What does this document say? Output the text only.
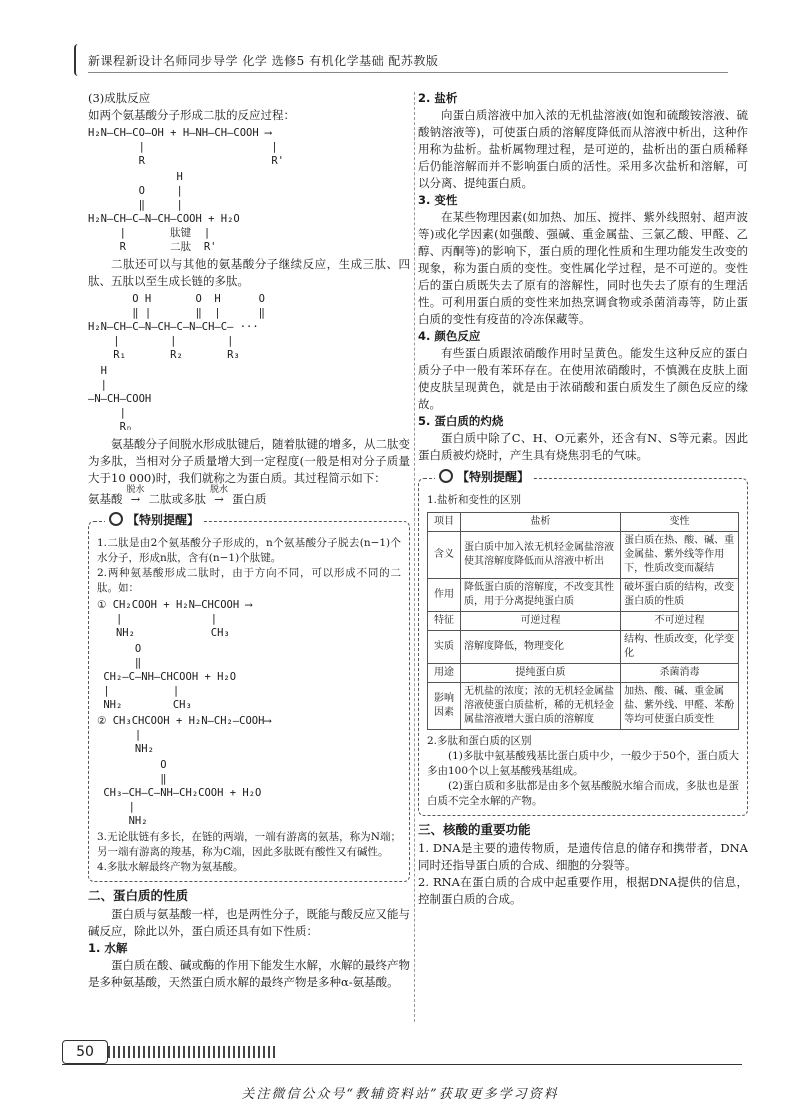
新课程新设计名师同步导学 化学 选修5 有机化学基础 配苏教版

(3)成肽反应

如两个氨基酸分子形成二肽的反应过程：

H₂N—CH—CO—OH + H—NH—CH—COOH ⟶
|                    |
R                    R'
H
O     |
‖     |
H₂N—CH—C—N—CH—COOH + H₂O
|       肽键  |
R       二肽  R'

二肽还可以与其他的氨基酸分子继续反应，生成三肽、四肽、五肽以至生成长链的多肽。

O H       O  H      O
‖ |       ‖  |      ‖
H₂N—CH—C—N—CH—C—N—CH—C— ···
|        |        |
R₁       R₂       R₃
H
|
—N—CH—COOH
|
Rₙ

氨基酸分子间脱水形成肽键后，随着肽键的增多，从二肽变为多肽，当相对分子质量增大到一定程度(一般是相对分子质量大于10 000)时，我们就称之为蛋白质。其过程简示如下：

氨基酸
脱水
→ 二肽或多肽
脱水
→ 蛋白质
【特别提醒】

1.二肽是由2个氨基酸分子形成的，n个氨基酸分子脱去(n−1)个水分子，形成n肽，含有(n−1)个肽键。

2.两种氨基酸形成二肽时，由于方向不同，可以形成不同的二肽。如：

① CH₂COOH + H₂N—CHCOOH ⟶
|              |
NH₂            CH₃
O
‖
CH₂—C—NH—CHCOOH + H₂O
|          |
NH₂        CH₃
② CH₃CHCOOH + H₂N—CH₂—COOH⟶
|
NH₂
O
‖
CH₃—CH—C—NH—CH₂COOH + H₂O
|
NH₂

3.无论肽链有多长，在链的两端，一端有游离的氨基，称为N端；另一端有游离的羧基，称为C端，因此多肽既有酸性又有碱性。

4.多肽水解最终产物为氨基酸。

二、蛋白质的性质

蛋白质与氨基酸一样，也是两性分子，既能与酸反应又能与碱反应，除此以外，蛋白质还具有如下性质：

1. 水解

蛋白质在酸、碱或酶的作用下能发生水解，水解的最终产物是多种氨基酸，天然蛋白质水解的最终产物是多种α-氨基酸。

2. 盐析

向蛋白质溶液中加入浓的无机盐溶液(如饱和硫酸铵溶液、硫酸钠溶液等)，可使蛋白质的溶解度降低而从溶液中析出，这种作用称为盐析。盐析属物理过程，是可逆的，盐析出的蛋白质稀释后仍能溶解而并不影响蛋白质的活性。采用多次盐析和溶解，可以分离、提纯蛋白质。

3. 变性

在某些物理因素(如加热、加压、搅拌、紫外线照射、超声波等)或化学因素(如强酸、强碱、重金属盐、三氯乙酸、甲醛、乙醇、丙酮等)的影响下，蛋白质的理化性质和生理功能发生改变的现象，称为蛋白质的变性。变性属化学过程，是不可逆的。变性后的蛋白质既失去了原有的溶解性，同时也失去了原有的生理活性。可利用蛋白质的变性来加热烹调食物或杀菌消毒等，防止蛋白质的变性有疫苗的冷冻保藏等。

4. 颜色反应

有些蛋白质跟浓硝酸作用时呈黄色。能发生这种反应的蛋白质分子中一般有苯环存在。在使用浓硝酸时，不慎溅在皮肤上面使皮肤呈现黄色，就是由于浓硝酸和蛋白质发生了颜色反应的缘故。

5. 蛋白质的灼烧

蛋白质中除了C、H、O元素外，还含有N、S等元素。因此蛋白质被灼烧时，产生具有烧焦羽毛的气味。

【特别提醒】

1.盐析和变性的区别

项目	盐析	变性
含义	蛋白质中加入浓无机轻金属盐溶液使其溶解度降低而从溶液中析出	蛋白质在热、酸、碱、重金属盐、紫外线等作用下，性质改变而凝结
作用	降低蛋白质的溶解度，不改变其性质，用于分离提纯蛋白质	破坏蛋白质的结构，改变蛋白质的性质
特征	可逆过程	不可逆过程
实质	溶解度降低，物理变化	结构、性质改变，化学变化
用途	提纯蛋白质	杀菌消毒
影响因素	无机盐的浓度；浓的无机轻金属盐溶液使蛋白质盐析，稀的无机轻金属盐溶液增大蛋白质的溶解度	加热、酸、碱、重金属盐、紫外线、甲醛、苯酚等均可使蛋白质变性

2.多肽和蛋白质的区别

(1)多肽中氨基酸残基比蛋白质中少，一般少于50个，蛋白质大多由100个以上氨基酸残基组成。

(2)蛋白质和多肽都是由多个氨基酸脱水缩合而成，多肽也是蛋白质不完全水解的产物。

三、核酸的重要功能

1. DNA是主要的遗传物质，是遗传信息的储存和携带者，DNA同时还指导蛋白质的合成、细胞的分裂等。

2. RNA在蛋白质的合成中起重要作用，根据DNA提供的信息，控制蛋白质的合成。

50
关注微信公众号“教辅资料站”获取更多学习资料
